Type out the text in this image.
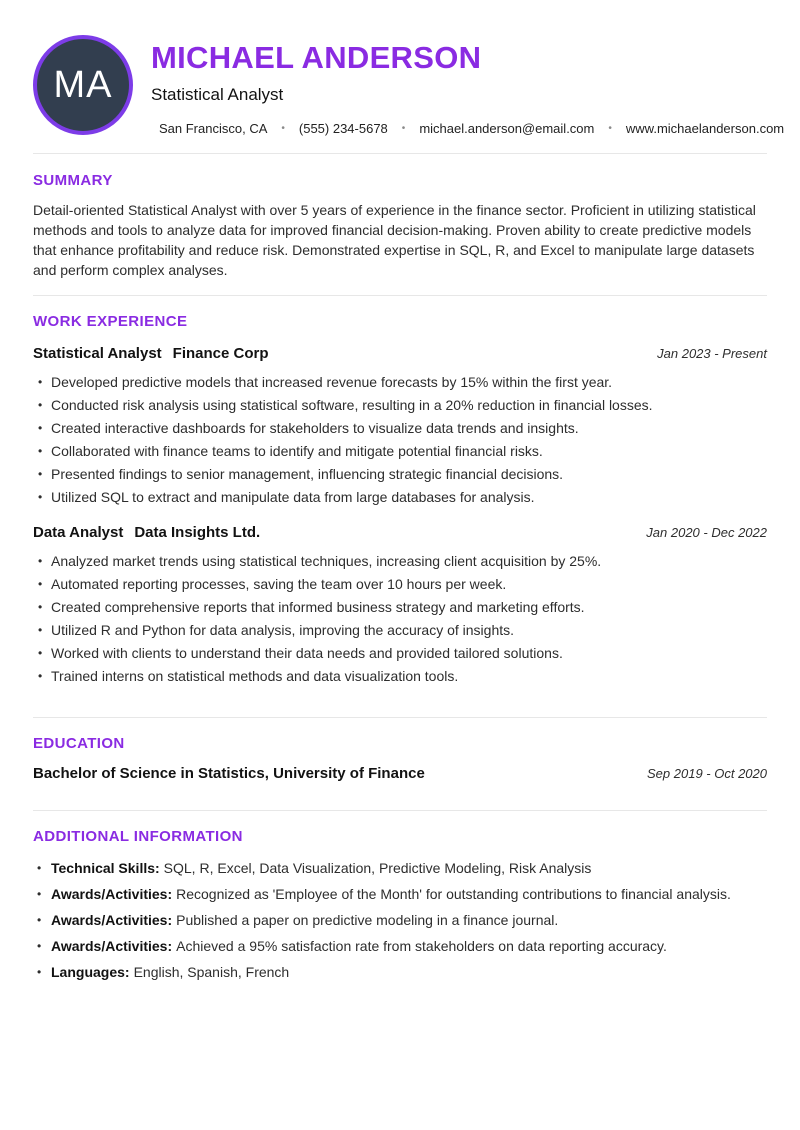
MA
MICHAEL ANDERSON
Statistical Analyst
San Francisco, CA • (555) 234-5678 • michael.anderson@email.com • www.michaelanderson.com
SUMMARY

Detail-oriented Statistical Analyst with over 5 years of experience in the finance sector. Proficient in utilizing statistical methods and tools to analyze data for improved financial decision-making. Proven ability to create predictive models that enhance profitability and reduce risk. Demonstrated expertise in SQL, R, and Excel to manipulate large datasets and perform complex analyses.

WORK EXPERIENCE
Statistical Analyst Finance Corp	Jan 2023 - Present
• Developed predictive models that increased revenue forecasts by 15% within the first year.
• Conducted risk analysis using statistical software, resulting in a 20% reduction in financial losses.
• Created interactive dashboards for stakeholders to visualize data trends and insights.
• Collaborated with finance teams to identify and mitigate potential financial risks.
• Presented findings to senior management, influencing strategic financial decisions.
• Utilized SQL to extract and manipulate data from large databases for analysis.
Data Analyst Data Insights Ltd.	Jan 2020 - Dec 2022
• Analyzed market trends using statistical techniques, increasing client acquisition by 25%.
• Automated reporting processes, saving the team over 10 hours per week.
• Created comprehensive reports that informed business strategy and marketing efforts.
• Utilized R and Python for data analysis, improving the accuracy of insights.
• Worked with clients to understand their data needs and provided tailored solutions.
• Trained interns on statistical methods and data visualization tools.
EDUCATION
Bachelor of Science in Statistics, University of Finance	Sep 2019 - Oct 2020
ADDITIONAL INFORMATION
• Technical Skills: SQL, R, Excel, Data Visualization, Predictive Modeling, Risk Analysis
• Awards/Activities: Recognized as 'Employee of the Month' for outstanding contributions to financial analysis.
• Awards/Activities: Published a paper on predictive modeling in a finance journal.
• Awards/Activities: Achieved a 95% satisfaction rate from stakeholders on data reporting accuracy.
• Languages: English, Spanish, French
